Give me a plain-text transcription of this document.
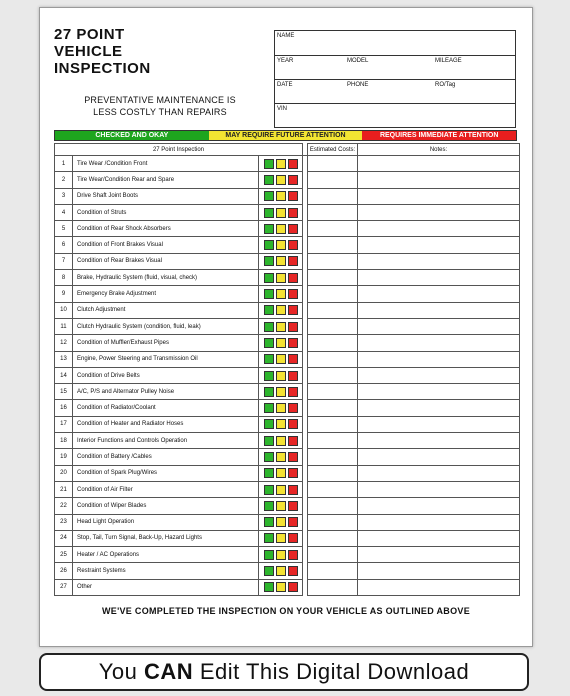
27 POINT
VEHICLE
INSPECTION
PREVENTATIVE MAINTENANCE IS
LESS COSTLY THAN REPAIRS
NAME
YEAR	MODEL	MILEAGE
DATE	PHONE	RO/Tag
VIN
CHECKED AND OKAY	MAY REQUIRE FUTURE ATTENTION	REQUIRES IMMEDIATE ATTENTION
27 Point Inspection				Estimated Costs:	Notes:
1	Tire Wear /Condition Front				
2	Tire Wear/Condition Rear and Spare				
3	Drive Shaft Joint Boots				
4	Condition of Struts				
5	Condition of Rear Shock Absorbers				
6	Condition of Front Brakes Visual				
7	Condition of Rear Brakes Visual				
8	Brake, Hydraulic System (fluid, visual, check)				
9	Emergency Brake Adjustment				
10	Clutch Adjustment				
11	Clutch Hydraulic System (condition, fluid, leak)				
12	Condition of Muffler/Exhaust Pipes				
13	Engine, Power Steering and Transmission Oil				
14	Condition of Drive Belts				
15	A/C, P/S and Alternator Pulley Noise				
16	Condition of Radiator/Coolant				
17	Condition of Heater and Radiator Hoses				
18	Interior Functions and Controls Operation				
19	Condition of Battery /Cables				
20	Condition of Spark Plug/Wires				
21	Condition of Air Filter				
22	Condition of Wiper Blades				
23	Head Light Operation				
24	Stop, Tail, Turn Signal, Back-Up, Hazard Lights				
25	Heater / AC Operations				
26	Restraint Systems				
27	Other				
WE'VE COMPLETED THE INSPECTION ON YOUR VEHICLE AS OUTLINED ABOVE
You CAN Edit This Digital Download
